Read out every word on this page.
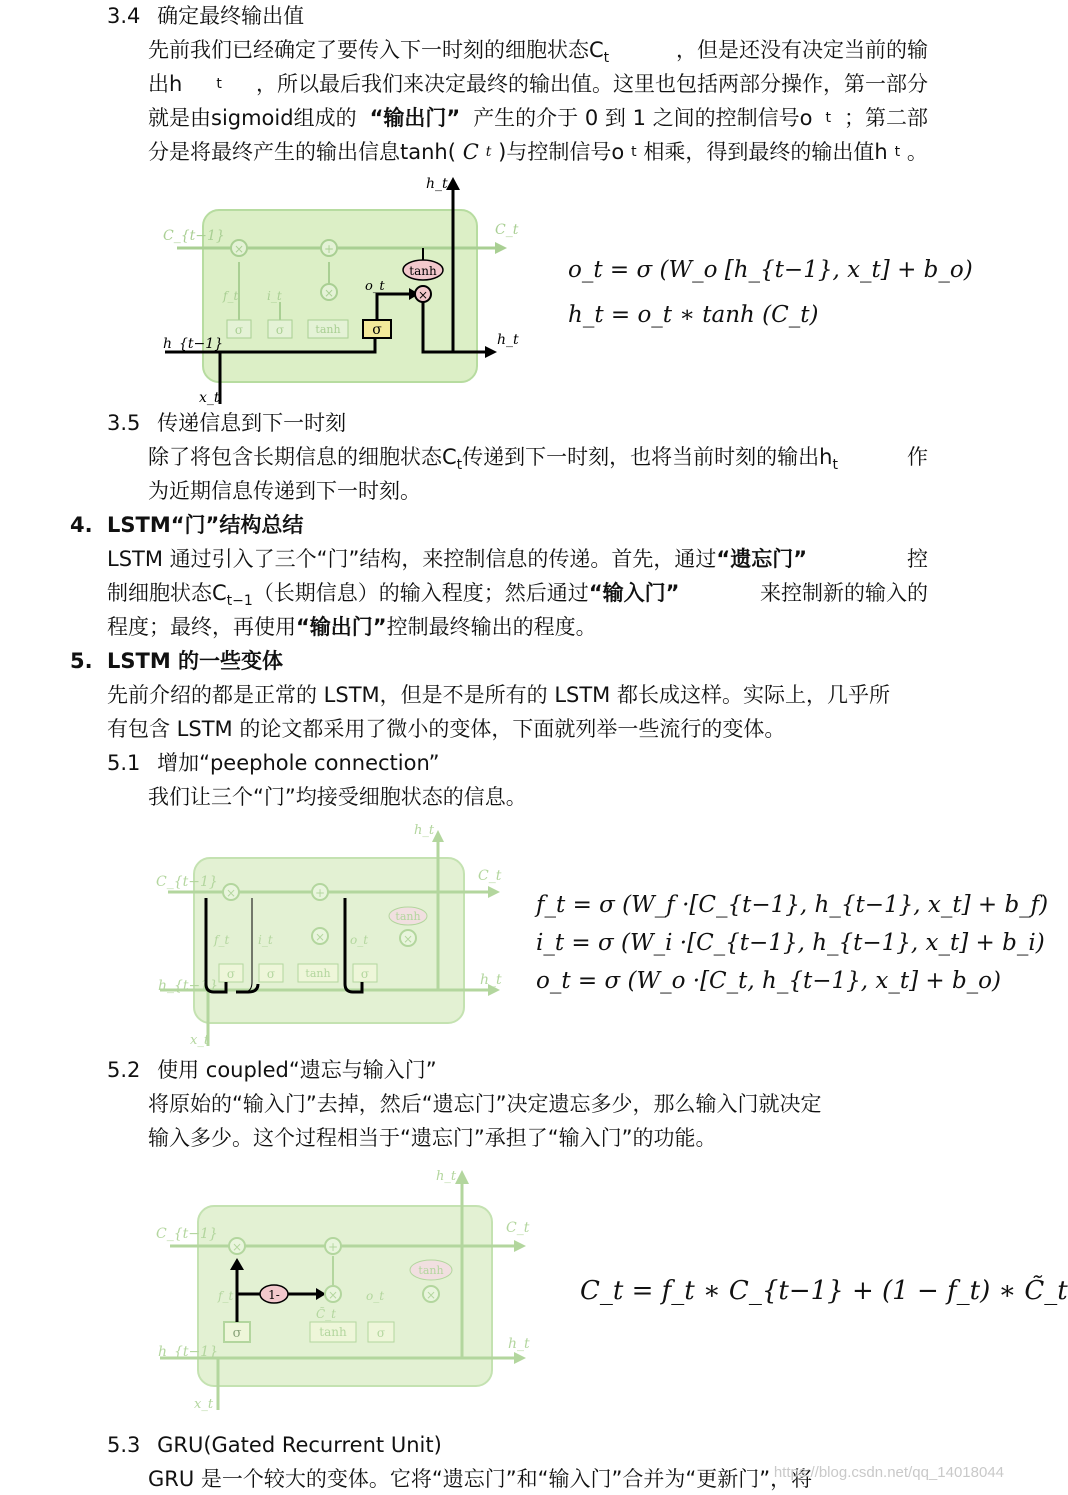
3.4 确定最终输出值
先前我们已经确定了要传入下一时刻的细胞状态$C_t$	，但是还没有决定当前的输
出h t ，所以最后我们来决定最终的输出值。这里也包括两部分操作，第一部分
就是由sigmoid组成的 “输出门” 产生的介于 0 到 1 之间的控制信号o t ；第二部
分是将最终产生的输出信息tanh( C t )与控制信号o t 相乘，得到最终的输出值h t 。
×	+
σ	σ	tanh
×
C_{t−1}	C_t
f_t i_t
σ
×
tanh
o_t
h_{t−1}	h_t
h_t
x_t
o_t = σ (W_o [h_{t−1}, x_t] + b_o)
h_t = o_t ∗ tanh (C_t)
3.5 传递信息到下一时刻
除了将包含长期信息的细胞状态$C_t$传递到下一时刻，也将当前时刻的输出$h_t$	作
为近期信息传递到下一时刻。
4. LSTM“门”结构总结
LSTM 通过引入了三个“门”结构，来控制信息的传递。首先，通过“遗忘门”	控
制细胞状态$C_{t-1}$（长期信息）的输入程度；然后通过“输入门”	来控制新的输入的
程度；最终，再使用“输出门”控制最终输出的程度。
5. LSTM 的一些变体
先前介绍的都是正常的 LSTM，但是不是所有的 LSTM 都长成这样。实际上，几乎所
有包含 LSTM 的论文都采用了微小的变体，下面就列举一些流行的变体。
5.1 增加“peephole connection”
我们让三个“门”均接受细胞状态的信息。
×	+
σ	σ	tanh	σ
×	×
tanh
C_{t−1}	C_t
h_{t−1}	h_t
h_t
x_t
f_t i_t	o_t
f_t = σ (W_f ·[C_{t−1}, h_{t−1}, x_t] + b_f)
i_t = σ (W_i ·[C_{t−1}, h_{t−1}, x_t] + b_i)
o_t = σ (W_o ·[C_t, h_{t−1}, x_t] + b_o)
5.2 使用 coupled“遗忘与输入门”
将原始的“输入门”去掉，然后“遗忘门”决定遗忘多少，那么输入门就决定
输入多少。这个过程相当于“遗忘门”承担了“输入门”的功能。
×	+
tanh	σ
×
tanh
C_{t−1}	C_t
h_{t−1}	h_t
h_t
x_t
f_t	o_t
C̃_t
σ
1-	×	C_t = f_t ∗ C_{t−1} + (1 − f_t) ∗ C̃_t
5.3 GRU(Gated Recurrent Unit)
GRU 是一个较大的变体。它将“遗忘门”和“输入门”合并为“更新门”，将
https://blog.csdn.net/qq_14018044
